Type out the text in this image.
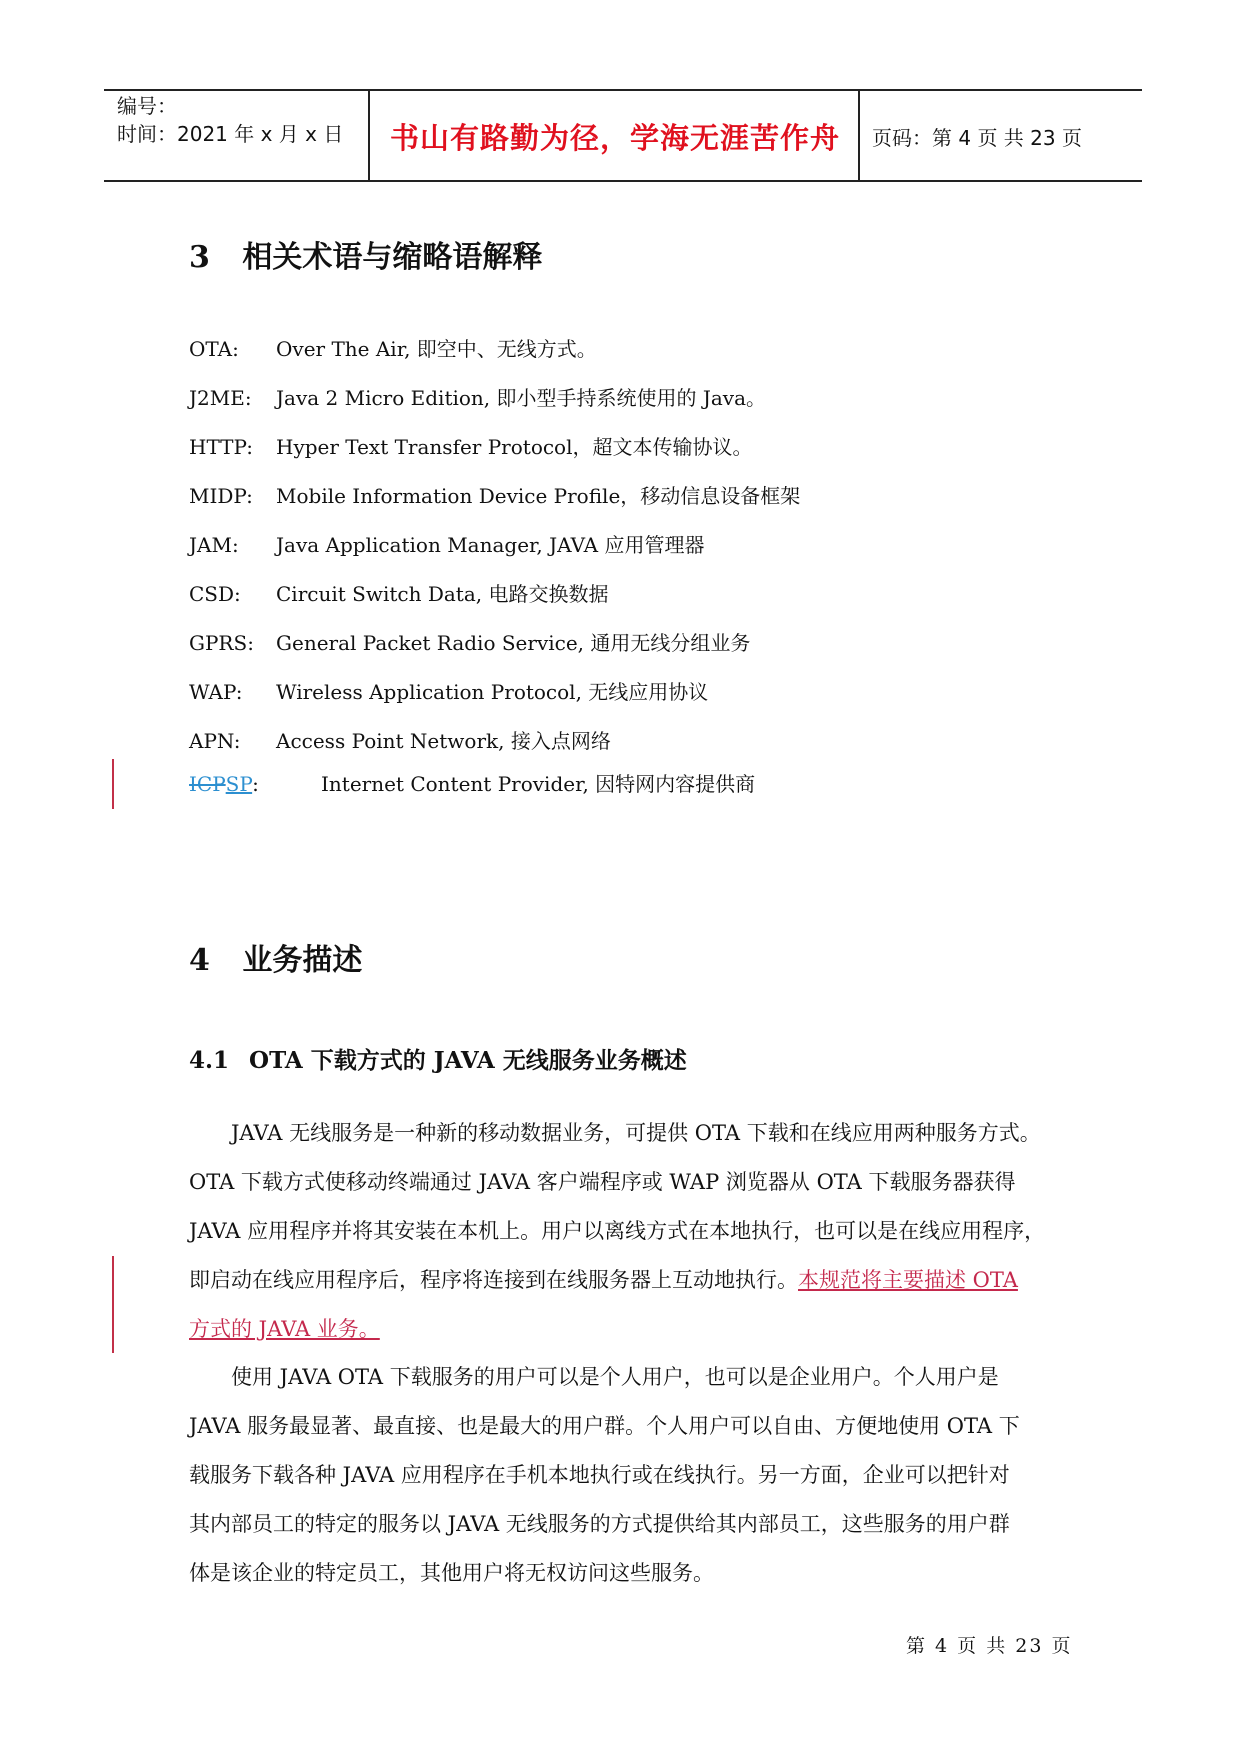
编号：
时间：2021 年 x 月 x 日 书山有路勤为径，学海无涯苦作舟 页码：第 4 页 共 23 页
3 相关术语与缩略语解释
OTA: Over The Air, 即空中、无线方式。
J2ME: Java 2 Micro Edition, 即小型手持系统使用的 Java。
HTTP: Hyper Text Transfer Protocol，超文本传输协议。
MIDP: Mobile Information Device Profile，移动信息设备框架
JAM: Java Application Manager, JAVA 应用管理器
CSD: Circuit Switch Data, 电路交换数据
GPRS: General Packet Radio Service, 通用无线分组业务
WAP: Wireless Application Protocol, 无线应用协议
APN: Access Point Network, 接入点网络
ICPSP:	Internet Content Provider, 因特网内容提供商
4 业务描述
4.1 OTA 下载方式的 JAVA 无线服务业务概述
JAVA 无线服务是一种新的移动数据业务，可提供 OTA 下载和在线应用两种服务方式。
OTA 下载方式使移动终端通过 JAVA 客户端程序或 WAP 浏览器从 OTA 下载服务器获得
JAVA 应用程序并将其安装在本机上。用户以离线方式在本地执行，也可以是在线应用程序，
即启动在线应用程序后，程序将连接到在线服务器上互动地执行。本规范将主要描述 OTA
方式的 JAVA 业务。
使用 JAVA OTA 下载服务的用户可以是个人用户，也可以是企业用户。个人用户是
JAVA 服务最显著、最直接、也是最大的用户群。个人用户可以自由、方便地使用 OTA 下
载服务下载各种 JAVA 应用程序在手机本地执行或在线执行。另一方面，企业可以把针对
其内部员工的特定的服务以 JAVA 无线服务的方式提供给其内部员工，这些服务的用户群
体是该企业的特定员工，其他用户将无权访问这些服务。
第 4 页 共 23 页
